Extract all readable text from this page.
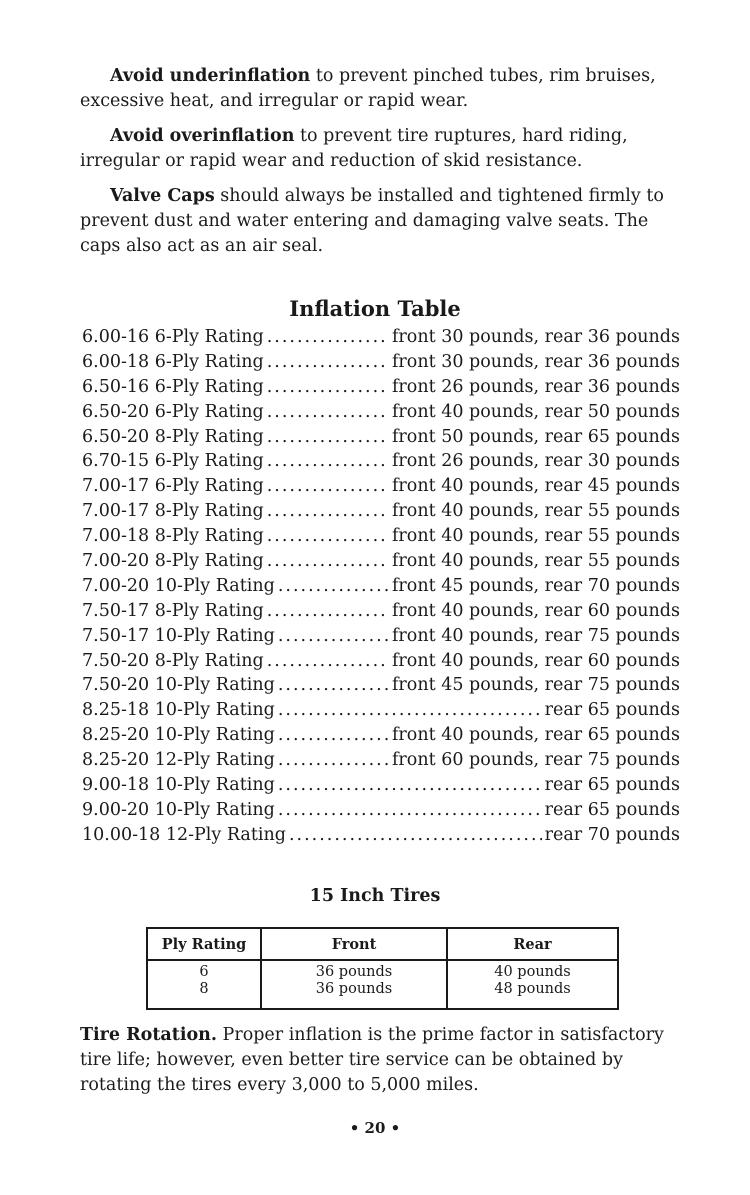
Avoid underinflation to prevent pinched tubes, rim bruises, excessive heat, and irregular or rapid wear.

Avoid overinflation to prevent tire ruptures, hard riding, irregular or rapid wear and reduction of skid resistance.

Valve Caps should always be installed and tightened firmly to prevent dust and water entering and damaging valve seats. The caps also act as an air seal.

Inflation Table
6.00-16 6-Ply Rating .....	front 30 pounds, rear 36 pounds
6.00-18 6-Ply Rating .....	front 30 pounds, rear 36 pounds
6.50-16 6-Ply Rating .....	front 26 pounds, rear 36 pounds
6.50-20 6-Ply Rating .....	front 40 pounds, rear 50 pounds
6.50-20 8-Ply Rating .....	front 50 pounds, rear 65 pounds
6.70-15 6-Ply Rating .....	front 26 pounds, rear 30 pounds
7.00-17 6-Ply Rating .....	front 40 pounds, rear 45 pounds
7.00-17 8-Ply Rating .....	front 40 pounds, rear 55 pounds
7.00-18 8-Ply Rating .....	front 40 pounds, rear 55 pounds
7.00-20 8-Ply Rating .....	front 40 pounds, rear 55 pounds
7.00-20 10-Ply Rating .....	front 45 pounds, rear 70 pounds
7.50-17 8-Ply Rating .....	front 40 pounds, rear 60 pounds
7.50-17 10-Ply Rating .....	front 40 pounds, rear 75 pounds
7.50-20 8-Ply Rating .....	front 40 pounds, rear 60 pounds
7.50-20 10-Ply Rating .....	front 45 pounds, rear 75 pounds
8.25-18 10-Ply Rating .....	rear 65 pounds
8.25-20 10-Ply Rating .....	front 40 pounds, rear 65 pounds
8.25-20 12-Ply Rating .....	front 60 pounds, rear 75 pounds
9.00-18 10-Ply Rating .....	rear 65 pounds
9.00-20 10-Ply Rating .....	rear 65 pounds
10.00-18 12-Ply Rating .....	rear 70 pounds
15 Inch Tires
Ply Rating	Front	Rear
6	36 pounds	40 pounds
8	36 pounds	48 pounds

Tire Rotation. Proper inflation is the prime factor in satisfactory tire life; however, even better tire service can be obtained by rotating the tires every 3,000 to 5,000 miles.

• 20 •
